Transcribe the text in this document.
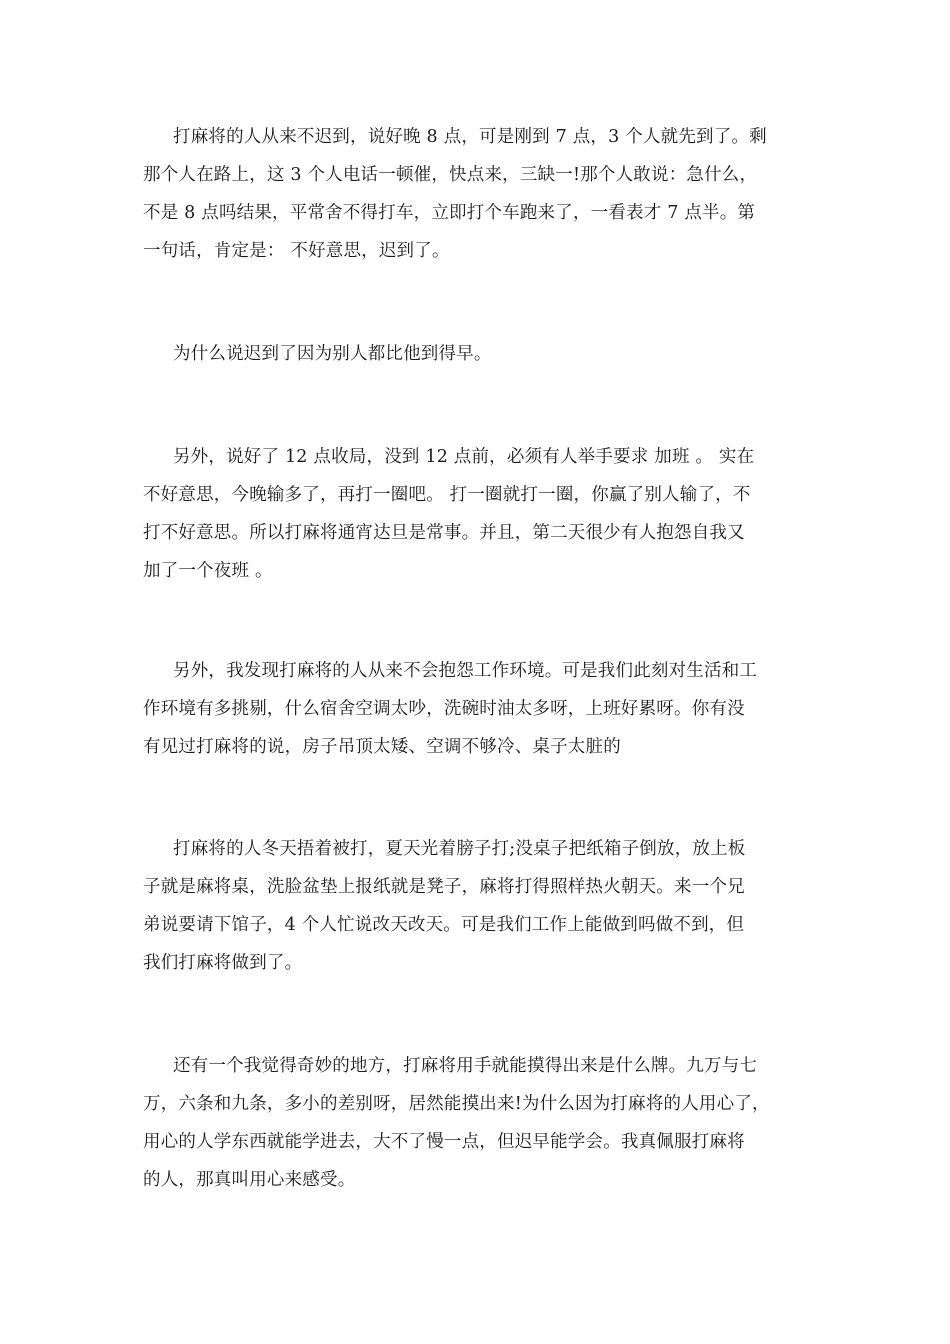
打麻将的人从来不迟到，说好晚 8 点，可是刚到 7 点，3 个人就先到了。剩
那个人在路上，这 3 个人电话一顿催，快点来，三缺一!那个人敢说：急什么，
不是 8 点吗结果，平常舍不得打车，立即打个车跑来了，一看表才 7 点半。第
一句话，肯定是： 不好意思，迟到了。
为什么说迟到了因为别人都比他到得早。
另外，说好了 12 点收局，没到 12 点前，必须有人举手要求 加班 。 实在
不好意思，今晚输多了，再打一圈吧。 打一圈就打一圈，你赢了别人输了，不
打不好意思。所以打麻将通宵达旦是常事。并且，第二天很少有人抱怨自我又
加了一个夜班 。
另外，我发现打麻将的人从来不会抱怨工作环境。可是我们此刻对生活和工
作环境有多挑剔，什么宿舍空调太吵，洗碗时油太多呀，上班好累呀。你有没
有见过打麻将的说，房子吊顶太矮、空调不够冷、桌子太脏的
打麻将的人冬天捂着被打，夏天光着膀子打;没桌子把纸箱子倒放，放上板
子就是麻将桌，洗脸盆垫上报纸就是凳子，麻将打得照样热火朝天。来一个兄
弟说要请下馆子，4 个人忙说改天改天。可是我们工作上能做到吗做不到，但
我们打麻将做到了。
还有一个我觉得奇妙的地方，打麻将用手就能摸得出来是什么牌。九万与七
万，六条和九条，多小的差别呀，居然能摸出来!为什么因为打麻将的人用心了，
用心的人学东西就能学进去，大不了慢一点，但迟早能学会。我真佩服打麻将
的人，那真叫用心来感受。
